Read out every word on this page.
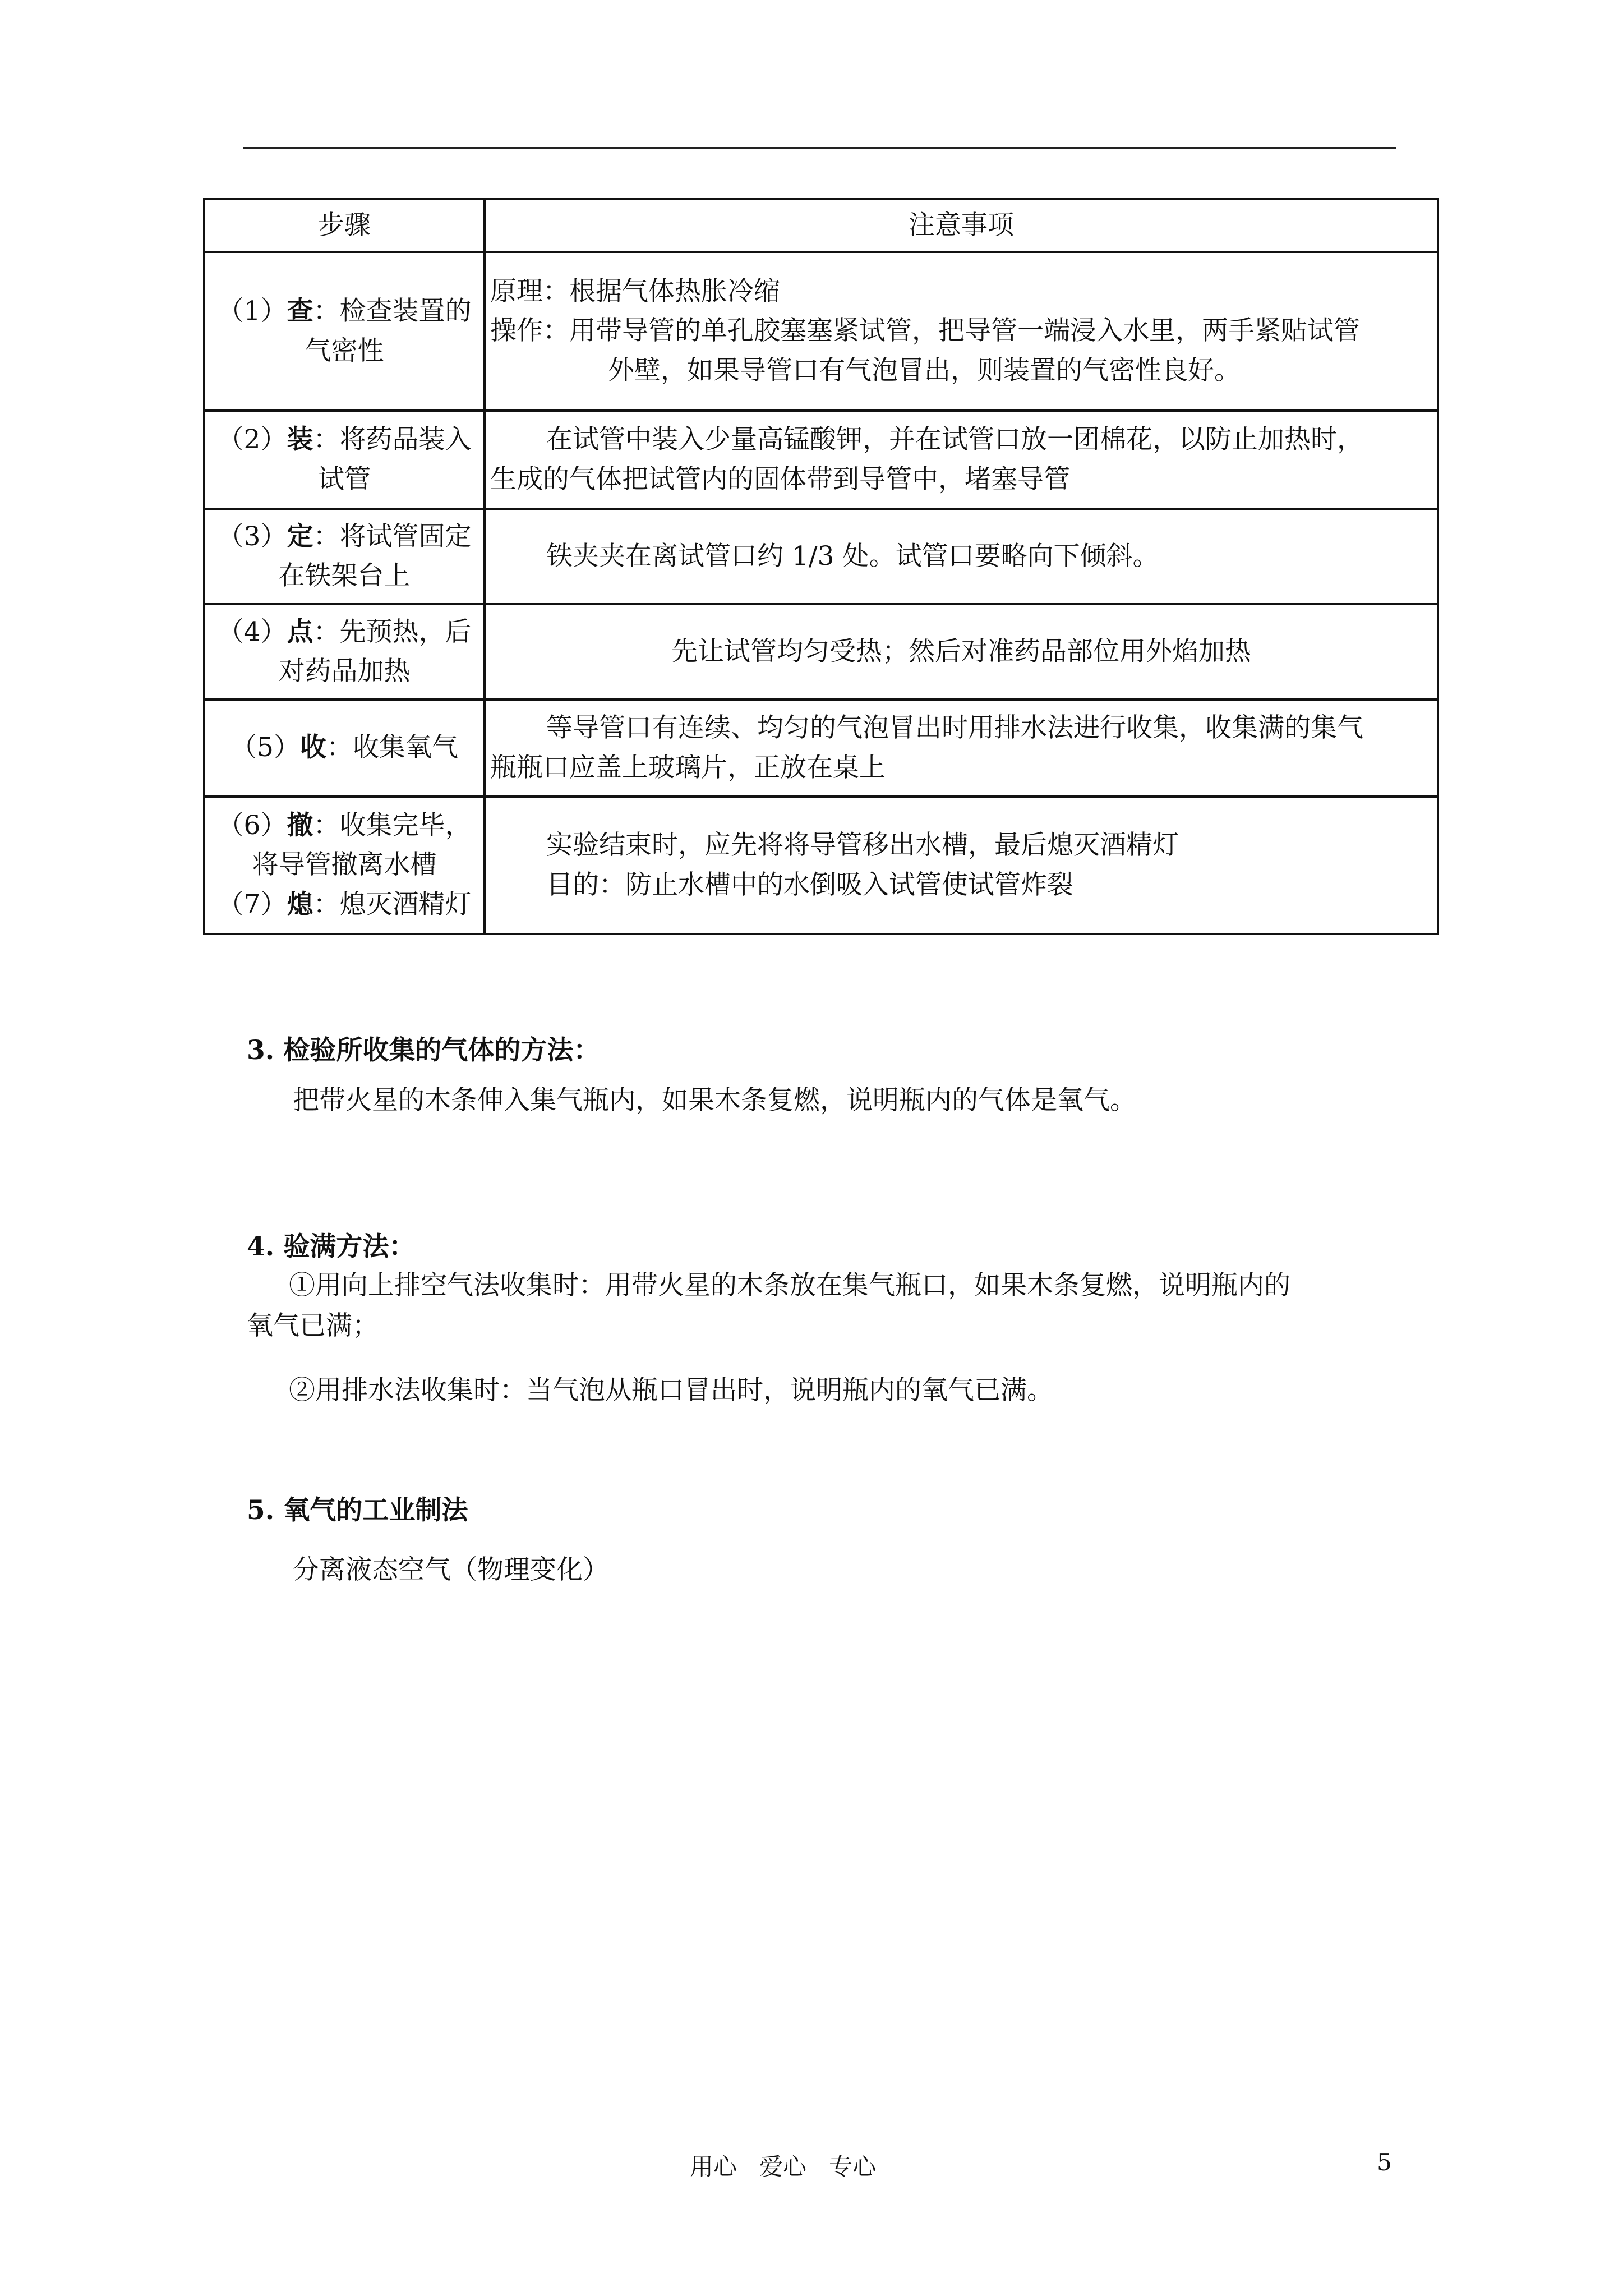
步骤	注意事项
（1）查：检查装置的气密性	原理：根据气体热胀冷缩
操作：用带导管的单孔胶塞塞紧试管，把导管一端浸入水里，两手紧贴试管
外壁，如果导管口有气泡冒出，则装置的气密性良好。

（2）装：将药品装入试管	在试管中装入少量高锰酸钾，并在试管口放一团棉花，以防止加热时，
生成的气体把试管内的固体带到导管中，堵塞导管

（3）定：将试管固定在铁架台上	铁夹夹在离试管口约 1/3 处。试管口要略向下倾斜。

（4）点：先预热，后对药品加热	先让试管均匀受热；然后对准药品部位用外焰加热

（5）收：收集氧气	等导管口有连续、均匀的气泡冒出时用排水法进行收集，收集满的集气
瓶瓶口应盖上玻璃片，正放在桌上

（6）撤：收集完毕，将导管撤离水槽
（7）熄：熄灭酒精灯	实验结束时，应先将将导管移出水槽，最后熄灭酒精灯
目的：防止水槽中的水倒吸入试管使试管炸裂
3. 检验所收集的气体的方法：
把带火星的木条伸入集气瓶内，如果木条复燃，说明瓶内的气体是氧气。
4. 验满方法：
①用向上排空气法收集时：用带火星的木条放在集气瓶口，如果木条复燃，说明瓶内的
氧气已满；
②用排水法收集时：当气泡从瓶口冒出时，说明瓶内的氧气已满。
5. 氧气的工业制法
分离液态空气（物理变化）
用心   爱心   专心	5
